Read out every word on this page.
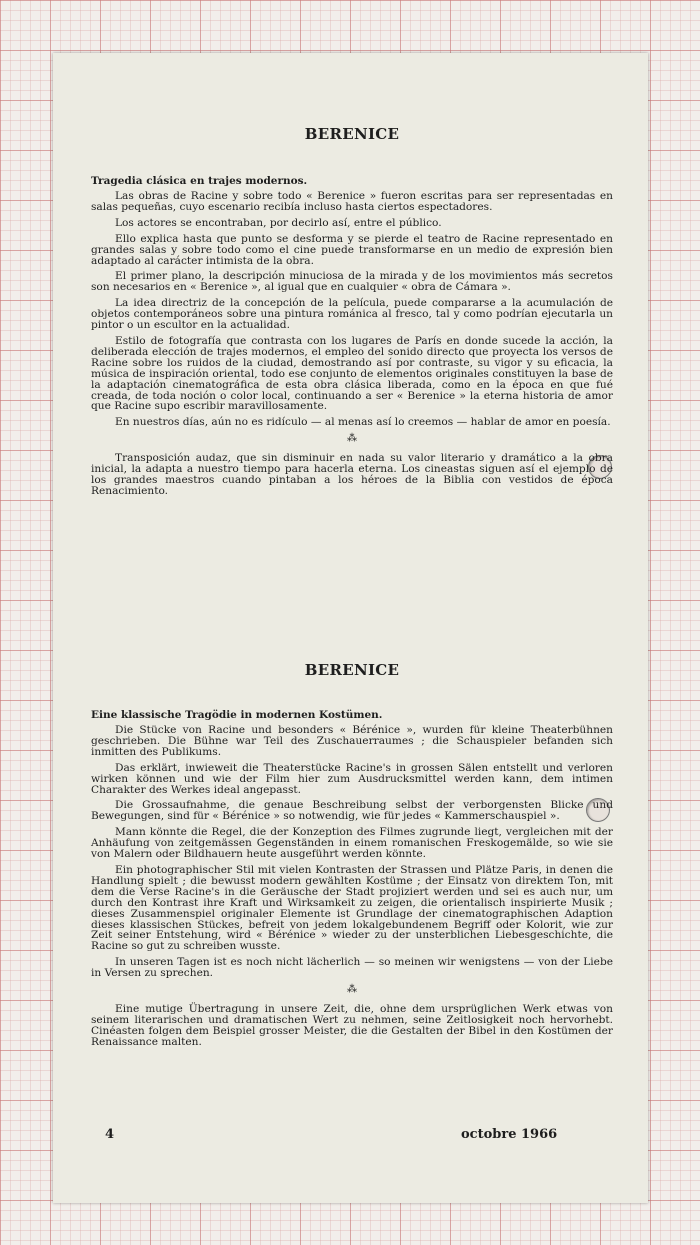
BERENICE
Tragedia clásica en trajes modernos.

Las obras de Racine y sobre todo « Berenice » fueron escritas para ser representadas en salas pequeñas, cuyo escenario recibía incluso hasta ciertos espectadores.

Los actores se encontraban, por decirlo así, entre el público.

Ello explica hasta que punto se desforma y se pierde el teatro de Racine representado en grandes salas y sobre todo como el cine puede transformarse en un medio de expresión bien adaptado al carácter intimista de la obra.

El primer plano, la descripción minuciosa de la mirada y de los movimientos más secretos son necesarios en « Berenice », al igual que en cualquier « obra de Cámara ».

La idea directriz de la concepción de la película, puede compararse a la acumulación de objetos contemporáneos sobre una pintura románica al fresco, tal y como podrían ejecutarla un pintor o un escultor en la actualidad.

Estilo de fotografía que contrasta con los lugares de París en donde sucede la acción, la deliberada elección de trajes modernos, el empleo del sonido directo que proyecta los versos de Racine sobre los ruidos de la ciudad, demostrando así por contraste, su vigor y su eficacia, la música de inspiración oriental, todo ese conjunto de elementos originales constituyen la base de la adaptación cinematográfica de esta obra clásica liberada, como en la época en que fué creada, de toda noción o color local, continuando a ser « Berenice » la eterna historia de amor que Racine supo escribir maravillosamente.

En nuestros días, aún no es ridículo — al menas así lo creemos — hablar de amor en poesía.

⁂

Transposición audaz, que sin disminuir en nada su valor literario y dramático a la obra inicial, la adapta a nuestro tiempo para hacerla eterna. Los cineastas siguen así el ejemplo de los grandes maestros cuando pintaban a los héroes de la Biblia con vestidos de época Renacimiento.

BERENICE
Eine klassische Tragödie in modernen Kostümen.

Die Stücke von Racine und besonders « Bérénice », wurden für kleine Theaterbühnen geschrieben. Die Bühne war Teil des Zuschauerraumes ; die Schauspieler befanden sich inmitten des Publikums.

Das erklärt, inwieweit die Theaterstücke Racine's in grossen Sälen entstellt und verloren wirken können und wie der Film hier zum Ausdrucksmittel werden kann, dem intimen Charakter des Werkes ideal angepasst.

Die Grossaufnahme, die genaue Beschreibung selbst der verborgensten Blicke und Bewegungen, sind für « Bérénice » so notwendig, wie für jedes « Kammerschauspiel ».

Mann könnte die Regel, die der Konzeption des Filmes zugrunde liegt, vergleichen mit der Anhäufung von zeitgemässen Gegenständen in einem romanischen Freskogemälde, so wie sie von Malern oder Bildhauern heute ausgeführt werden könnte.

Ein photographischer Stil mit vielen Kontrasten der Strassen und Plätze Paris, in denen die Handlung spielt ; die bewusst modern gewählten Kostüme ; der Einsatz von direktem Ton, mit dem die Verse Racine's in die Geräusche der Stadt projiziert werden und sei es auch nur, um durch den Kontrast ihre Kraft und Wirksamkeit zu zeigen, die orientalisch inspirierte Musik ; dieses Zusammenspiel originaler Elemente ist Grundlage der cinematographischen Adaption dieses klassischen Stückes, befreit von jedem lokalgebundenem Begriff oder Kolorit, wie zur Zeit seiner Entstehung, wird « Bérénice » wieder zu der unsterblichen Liebesgeschichte, die Racine so gut zu schreiben wusste.

In unseren Tagen ist es noch nicht lächerlich — so meinen wir wenigstens — von der Liebe in Versen zu sprechen.

⁂

Eine mutige Übertragung in unsere Zeit, die, ohne dem ursprüglichen Werk etwas von seinem literarischen und dramatischen Wert zu nehmen, seine Zeitlosigkeit noch hervorhebt. Cinéasten folgen dem Beispiel grosser Meister, die die Gestalten der Bibel in den Kostümen der Renaissance malten.

4	octobre 1966
